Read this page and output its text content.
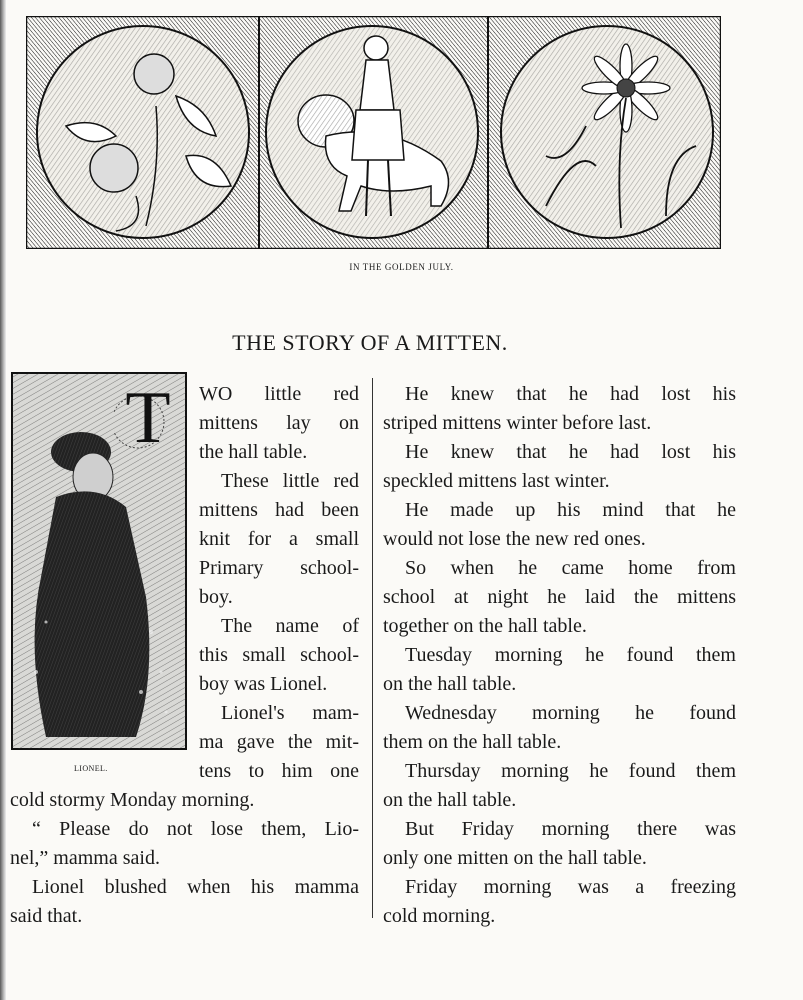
IN THE GOLDEN JULY.
THE STORY OF A MITTEN.
T
LIONEL.
WO little red
mittens lay on
the hall table.
These little red
mittens had been
knit for a small
Primary school-
boy.
The name of
this small school-
boy was Lionel.
Lionel's mam-
ma gave the mit-
tens to him one
cold stormy Monday morning.
“ Please do not lose them, Lio-
nel,” mamma said.
Lionel blushed when his mamma
said that.
He knew that he had lost his
striped mittens winter before last.
He knew that he had lost his
speckled mittens last winter.
He made up his mind that he
would not lose the new red ones.
So when he came home from
school at night he laid the mittens
together on the hall table.
Tuesday morning he found them
on the hall table.
Wednesday morning he found
them on the hall table.
Thursday morning he found them
on the hall table.
But Friday morning there was
only one mitten on the hall table.
Friday morning was a freezing
cold morning.
